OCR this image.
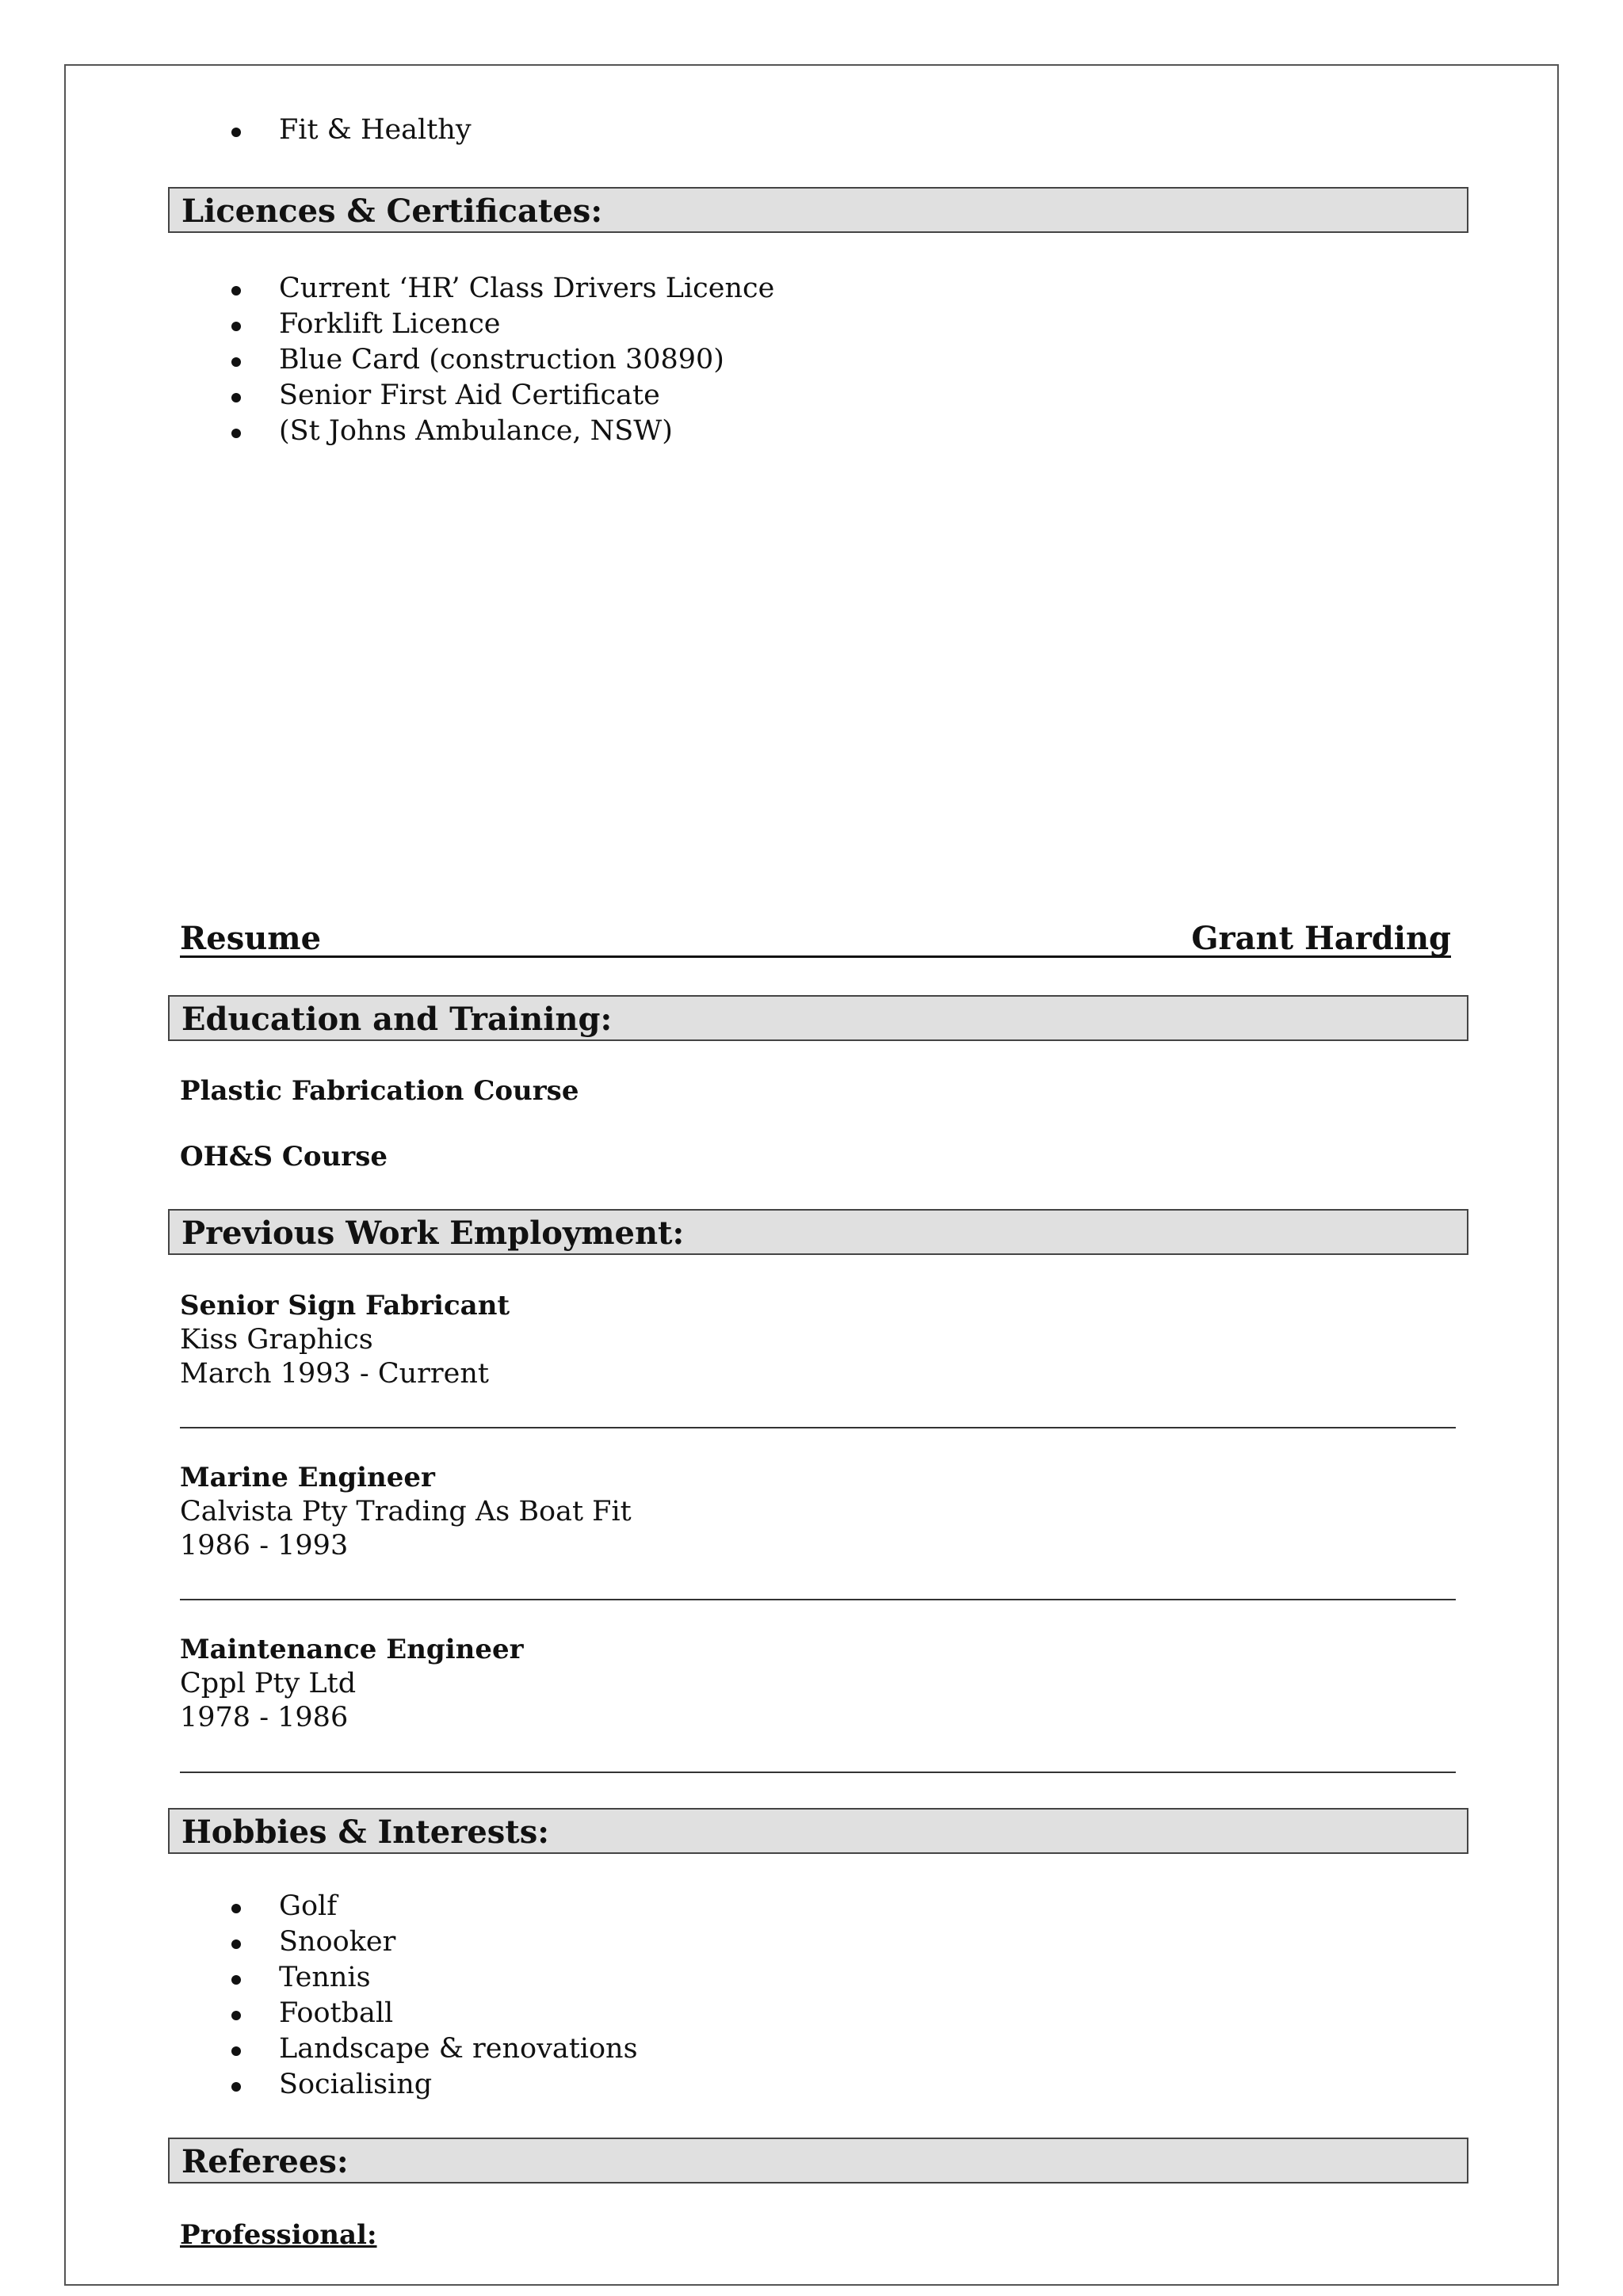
Fit & Healthy
Licences & Certificates:
Current ‘HR’ Class Drivers Licence
Forklift Licence
Blue Card (construction 30890)
Senior First Aid Certificate
(St Johns Ambulance, NSW)
Resume	Grant Harding
Education and Training:
Plastic Fabrication Course
OH&S Course
Previous Work Employment:
Senior Sign Fabricant
Kiss Graphics
March 1993 - Current
Marine Engineer
Calvista Pty Trading As Boat Fit
1986 - 1993
Maintenance Engineer
Cppl Pty Ltd
1978 - 1986
Hobbies & Interests:
Golf
Snooker
Tennis
Football
Landscape & renovations
Socialising
Referees:
Professional:
